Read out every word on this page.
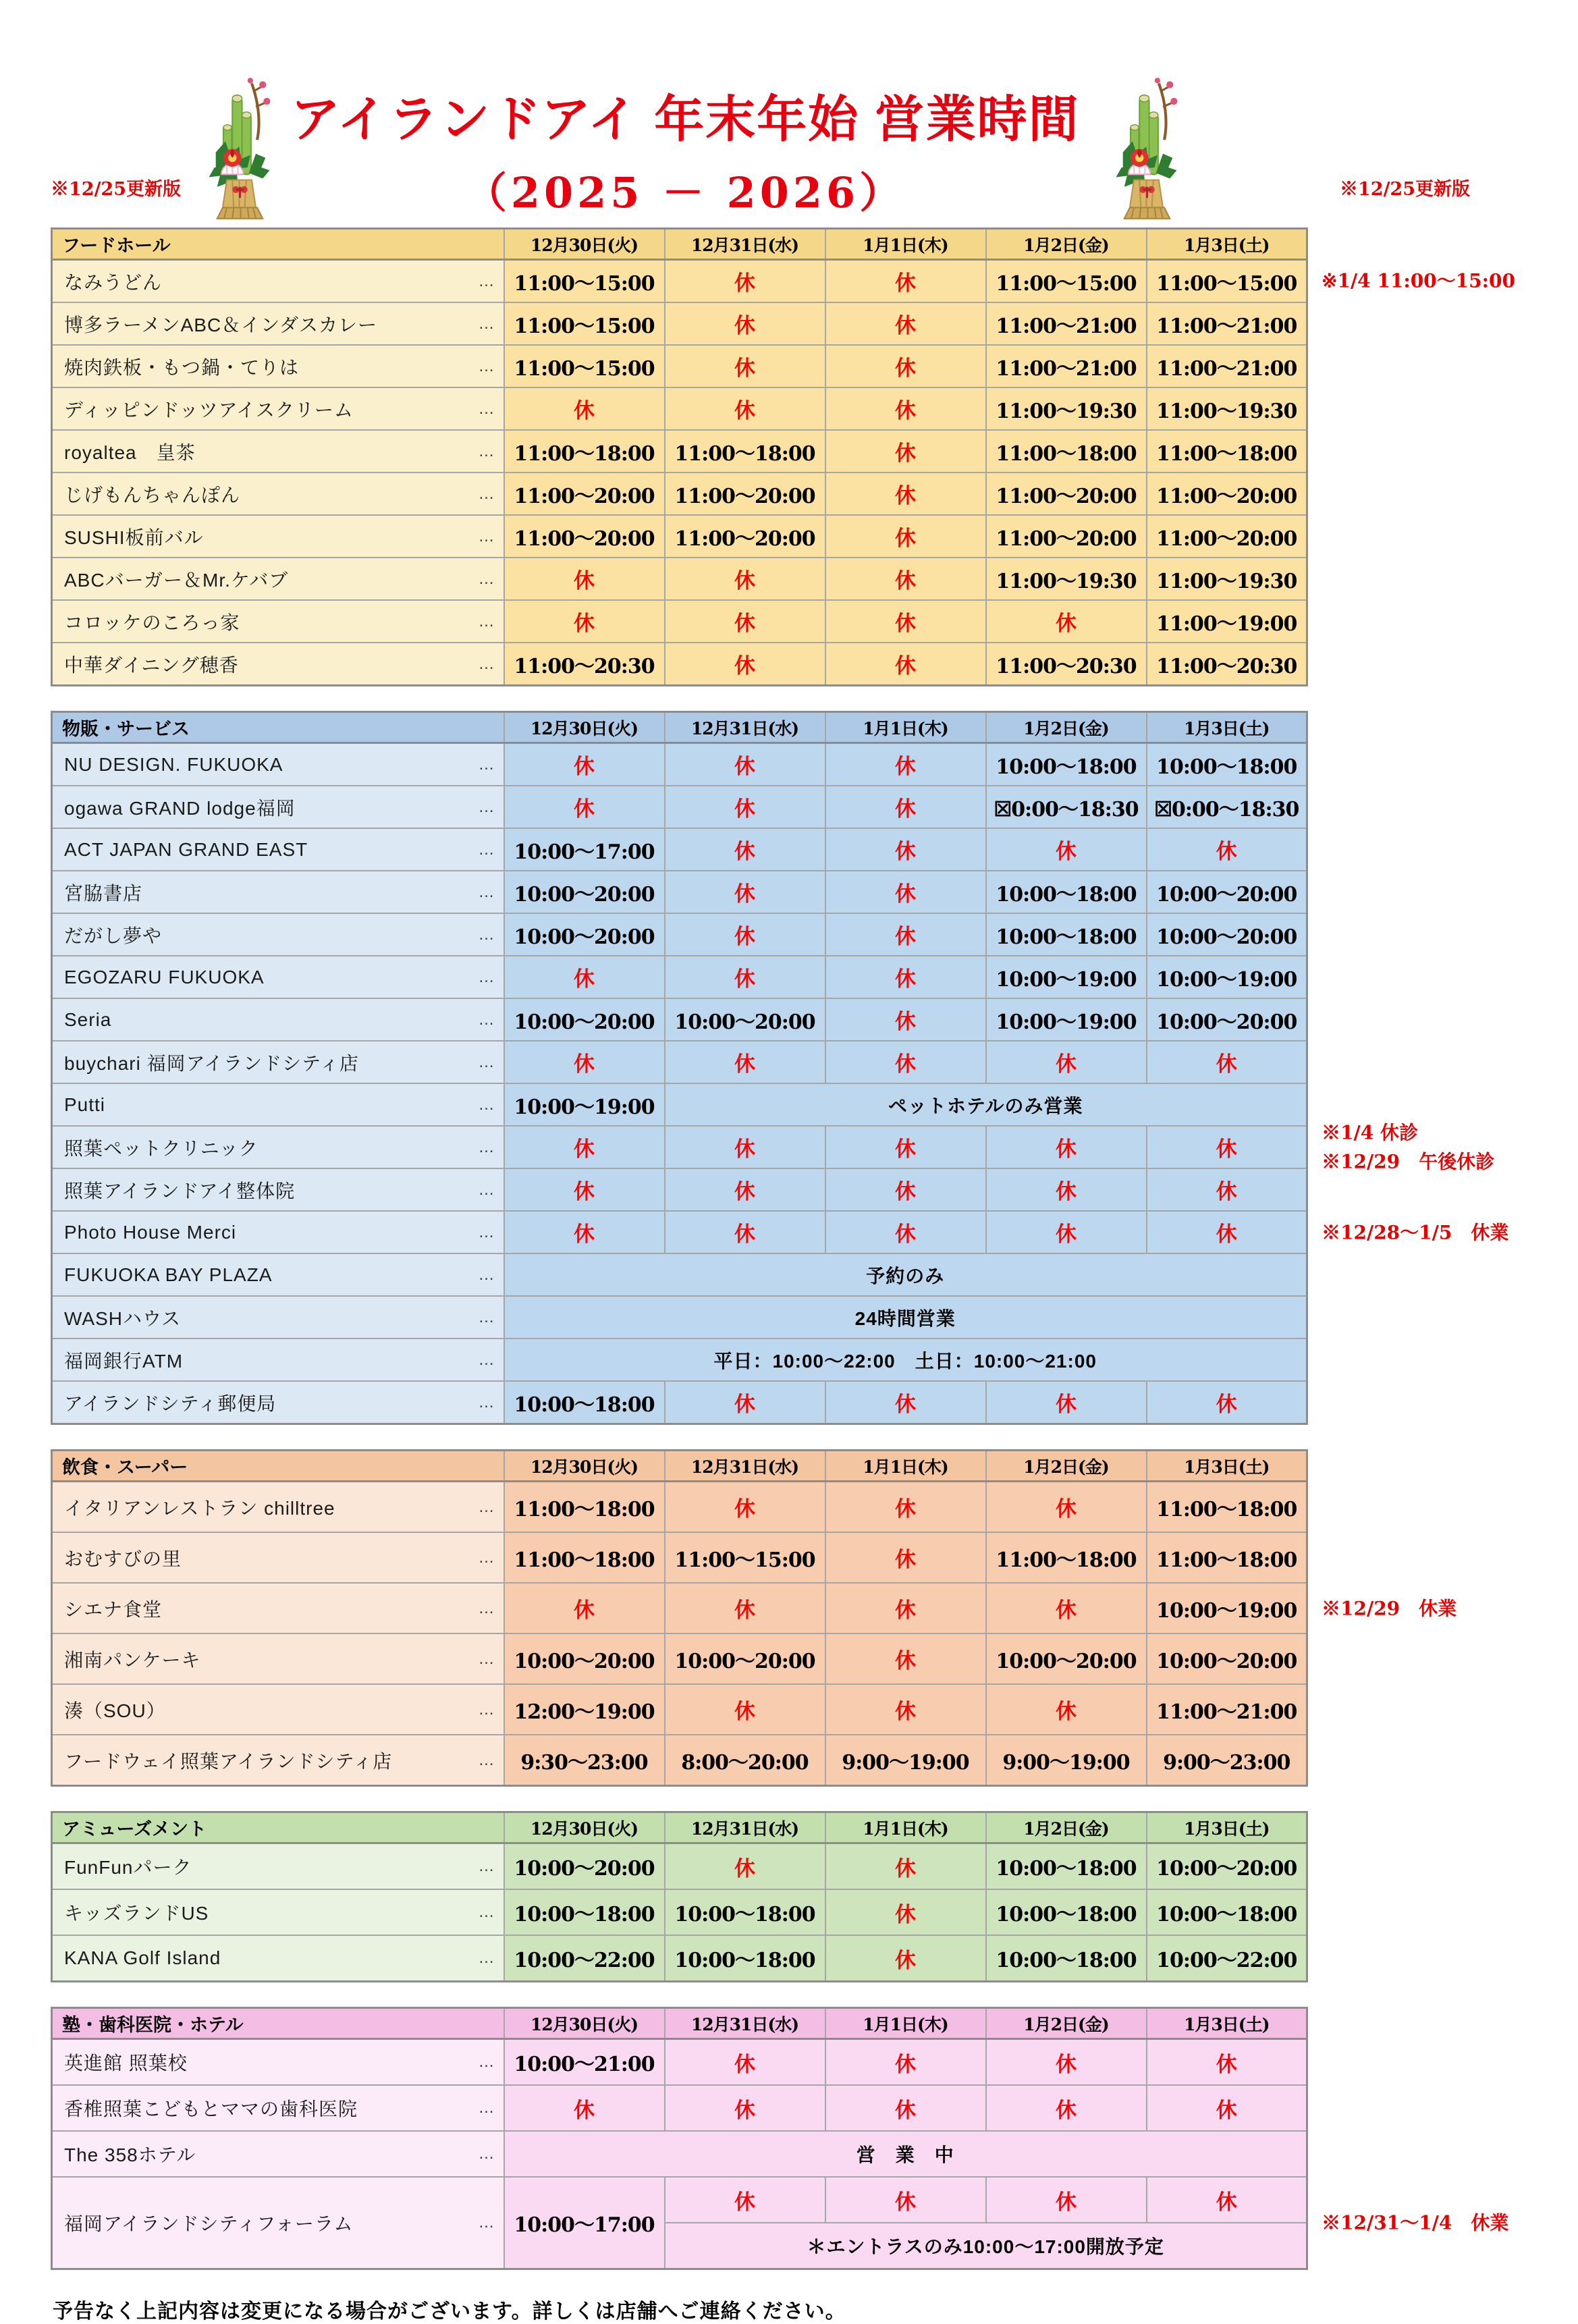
アイランドアイ 年末年始 営業時間
（2025 － 2026）
※12/25更新版	※12/25更新版
フードホール	12月30日(火)	12月31日(水)	1月1日(木)	1月2日(金)	1月3日(土)

なみうどん …	11:00～15:00	休	休	11:00～15:00	11:00～15:00

博多ラーメンABC＆インダスカレー …	11:00～15:00	休	休	11:00～21:00	11:00～21:00

焼肉鉄板・もつ鍋・てりは …	11:00～15:00	休	休	11:00～21:00	11:00～21:00

ディッピンドッツアイスクリーム …	休	休	休	11:00～19:30	11:00～19:30

royaltea　皇茶 …	11:00～18:00	11:00～18:00	休	11:00～18:00	11:00～18:00

じげもんちゃんぽん …	11:00～20:00	11:00～20:00	休	11:00～20:00	11:00～20:00

SUSHI板前バル …	11:00～20:00	11:00～20:00	休	11:00～20:00	11:00～20:00

ABCバーガー＆Mr.ケバブ …	休	休	休	11:00～19:30	11:00～19:30

コロッケのころっ家 …	休	休	休	休	11:00～19:00

中華ダイニング穂香 …	11:00～20:30	休	休	11:00～20:30	11:00～20:30
物販・サービス	12月30日(火)	12月31日(水)	1月1日(木)	1月2日(金)	1月3日(土)

NU DESIGN. FUKUOKA …	休	休	休	10:00～18:00	10:00～18:00

ogawa GRAND lodge福岡 …	休	休	休	☒0:00～18:30	☒0:00～18:30

ACT JAPAN GRAND EAST …	10:00～17:00	休	休	休	休

宮脇書店 …	10:00～20:00	休	休	10:00～18:00	10:00～20:00

だがし夢や …	10:00～20:00	休	休	10:00～18:00	10:00～20:00

EGOZARU FUKUOKA …	休	休	休	10:00～19:00	10:00～19:00

Seria …	10:00～20:00	10:00～20:00	休	10:00～19:00	10:00～20:00

buychari 福岡アイランドシティ店 …	休	休	休	休	休

Putti …	10:00～19:00	ペットホテルのみ営業			

照葉ペットクリニック …	休	休	休	休	休

照葉アイランドアイ整体院 …	休	休	休	休	休

Photo House Merci …	休	休	休	休	休

FUKUOKA BAY PLAZA …	予約のみ				

WASHハウス …	24時間営業				

福岡銀行ATM …	平日：10:00～22:00　土日：10:00～21:00				

アイランドシティ郵便局 …	10:00～18:00	休	休	休	休
飲食・スーパー	12月30日(火)	12月31日(水)	1月1日(木)	1月2日(金)	1月3日(土)

イタリアンレストラン chilltree …	11:00～18:00	休	休	休	11:00～18:00

おむすびの里 …	11:00～18:00	11:00～15:00	休	11:00～18:00	11:00～18:00

シエナ食堂 …	休	休	休	休	10:00～19:00

湘南パンケーキ …	10:00～20:00	10:00～20:00	休	10:00～20:00	10:00～20:00

湊（SOU） …	12:00～19:00	休	休	休	11:00～21:00

フードウェイ照葉アイランドシティ店 …	9:30～23:00	8:00～20:00	9:00～19:00	9:00～19:00	9:00～23:00
アミューズメント	12月30日(火)	12月31日(水)	1月1日(木)	1月2日(金)	1月3日(土)

FunFunパーク …	10:00～20:00	休	休	10:00～18:00	10:00～20:00

キッズランドUS …	10:00～18:00	10:00～18:00	休	10:00～18:00	10:00～18:00

KANA Golf Island …	10:00～22:00	10:00～18:00	休	10:00～18:00	10:00～22:00
塾・歯科医院・ホテル	12月30日(火)	12月31日(水)	1月1日(木)	1月2日(金)	1月3日(土)

英進館 照葉校 …	10:00～21:00	休	休	休	休

香椎照葉こどもとママの歯科医院 …	休	休	休	休	休

The 358ホテル …	営　業　中				

福岡アイランドシティフォーラム …	10:00～17:00	休	休	休	休
		＊エントラスのみ10:00～17:00開放予定			
予告なく上記内容は変更になる場合がございます。詳しくは店舗へご連絡ください。
※1/4 11:00～15:00
※1/4 休診
※12/29　午後休診
※12/28～1/5　休業
※12/29　休業
※12/31～1/4　休業
